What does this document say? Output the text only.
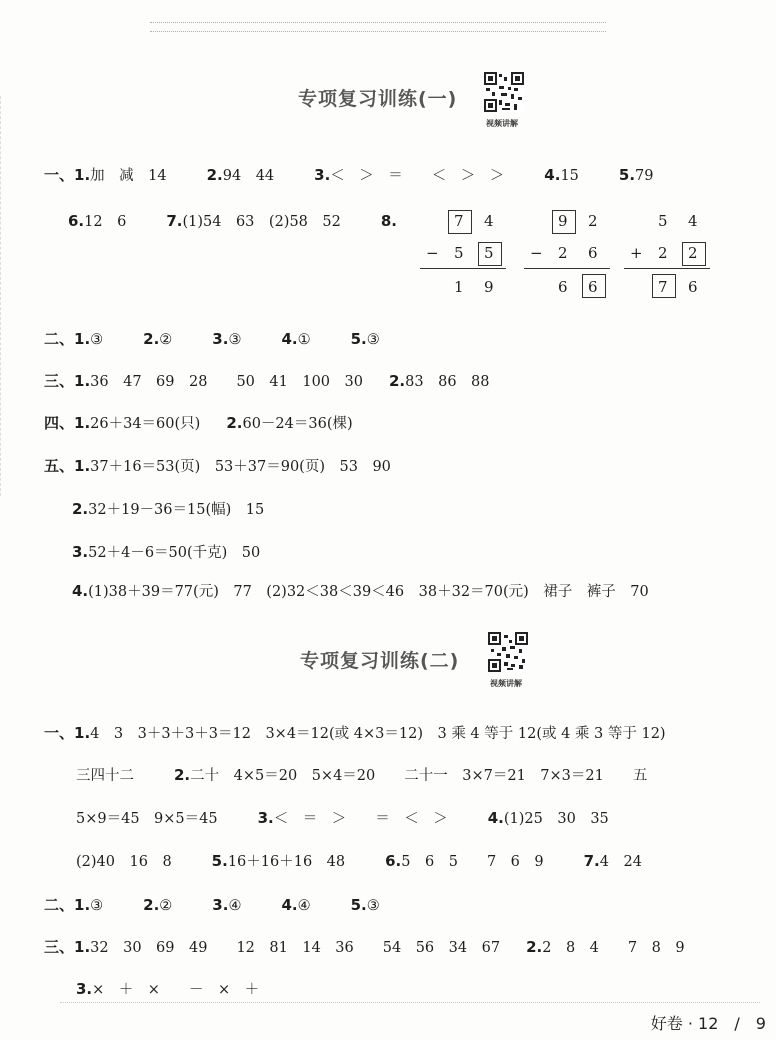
专项复习训练(一)
视频讲解
一、1.加　减　14	2.94　44	3.＜　＞　＝　　＜　＞　＞	4.15	5.79
6.12　6	7.(1)54　63　(2)58　52	8.	7 4
− 5 5
1 9
9 2
− 2 6
6 6
5 4
+ 2 2
7 6
二、1.③	2.②	3.③	4.①	5.③
三、1.36　47　69　28　　50　41　100　30 2.83　86　88
四、1.26＋34＝60(只) 2.60－24＝36(棵)
五、1.37＋16＝53(页)　53＋37＝90(页)　53　90
2.32＋19－36＝15(幅)　15
3.52＋4－6＝50(千克)　50
4.(1)38＋39＝77(元)　77　(2)32＜38＜39＜46　38＋32＝70(元)　裙子　裤子　70
专项复习训练(二)
视频讲解
一、1.4　3　3＋3＋3＋3＝12　3×4＝12(或 4×3＝12)　3 乘 4 等于 12(或 4 乘 3 等于 12)
三四十二	2.二十　4×5＝20　5×4＝20　　二十一　3×7＝21　7×3＝21　　五
5×9＝45　9×5＝45	3.＜　＝　＞　　＝　＜　＞	4.(1)25　30　35
(2)40　16　8	5.16＋16＋16　48	6.5　6　5　　7　6　9	7.4　24
二、1.③	2.②	3.④	4.④	5.③
三、1.32　30　69　49　　12　81　14　36　　54　56　34　67 2.2　8　4　　7　8　9
3.×　＋　×　　－　×　＋
好卷 · 12　/　9
